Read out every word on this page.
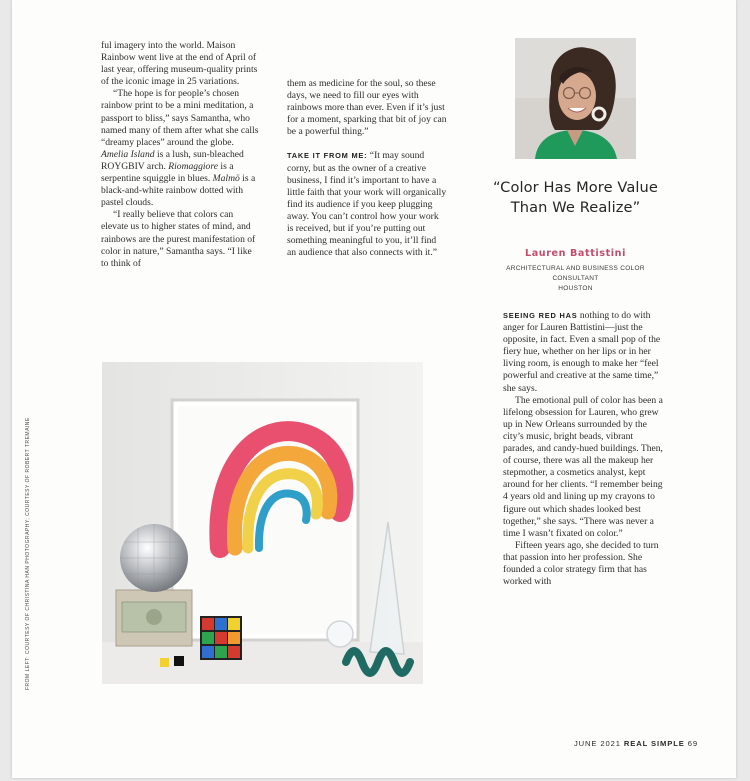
ful imagery into the world. Maison Rainbow went live at the end of April of last year, offering museum-quality prints of the iconic image in 25 variations.

“The hope is for people’s chosen rainbow print to be a mini meditation, a passport to bliss,” says Samantha, who named many of them after what she calls “dreamy places” around the globe. Amelia Island is a lush, sun-bleached ROYGBIV arch. Riomaggiore is a serpentine squiggle in blues. Malmö is a black-and-white rainbow dotted with pastel clouds.

“I really believe that colors can elevate us to higher states of mind, and rainbows are the purest manifestation of color in nature,” Samantha says. “I like to think of

them as medicine for the soul, so these days, we need to fill our eyes with rainbows more than ever. Even if it’s just for a moment, sparking that bit of joy can be a powerful thing.”

TAKE IT FROM ME: “It may sound corny, but as the owner of a creative business, I find it’s important to have a little faith that your work will organically find its audience if you keep plugging away. You can’t control how your work is received, but if you’re putting out something meaningful to you, it’ll find an audience that also connects with it.”

“Color Has More Value Than We Realize”
Lauren Battistini
ARCHITECTURAL AND BUSINESS COLOR CONSULTANT
HOUSTON

SEEING RED HAS nothing to do with anger for Lauren Battistini—just the opposite, in fact. Even a small pop of the fiery hue, whether on her lips or in her living room, is enough to make her “feel powerful and creative at the same time,” she says.

The emotional pull of color has been a lifelong obsession for Lauren, who grew up in New Orleans surrounded by the city’s music, bright beads, vibrant parades, and candy-hued buildings. Then, of course, there was all the makeup her stepmother, a cosmetics analyst, kept around for her clients. “I remember being 4 years old and lining up my crayons to figure out which shades looked best together,” she says. “There was never a time I wasn’t fixated on color.”

Fifteen years ago, she decided to turn that passion into her profession. She founded a color strategy firm that has worked with

FROM LEFT: COURTESY OF CHRISTINA HAN PHOTOGRAPHY; COURTESY OF ROBERT TREMAINE
JUNE 2021 REAL SIMPLE 69
